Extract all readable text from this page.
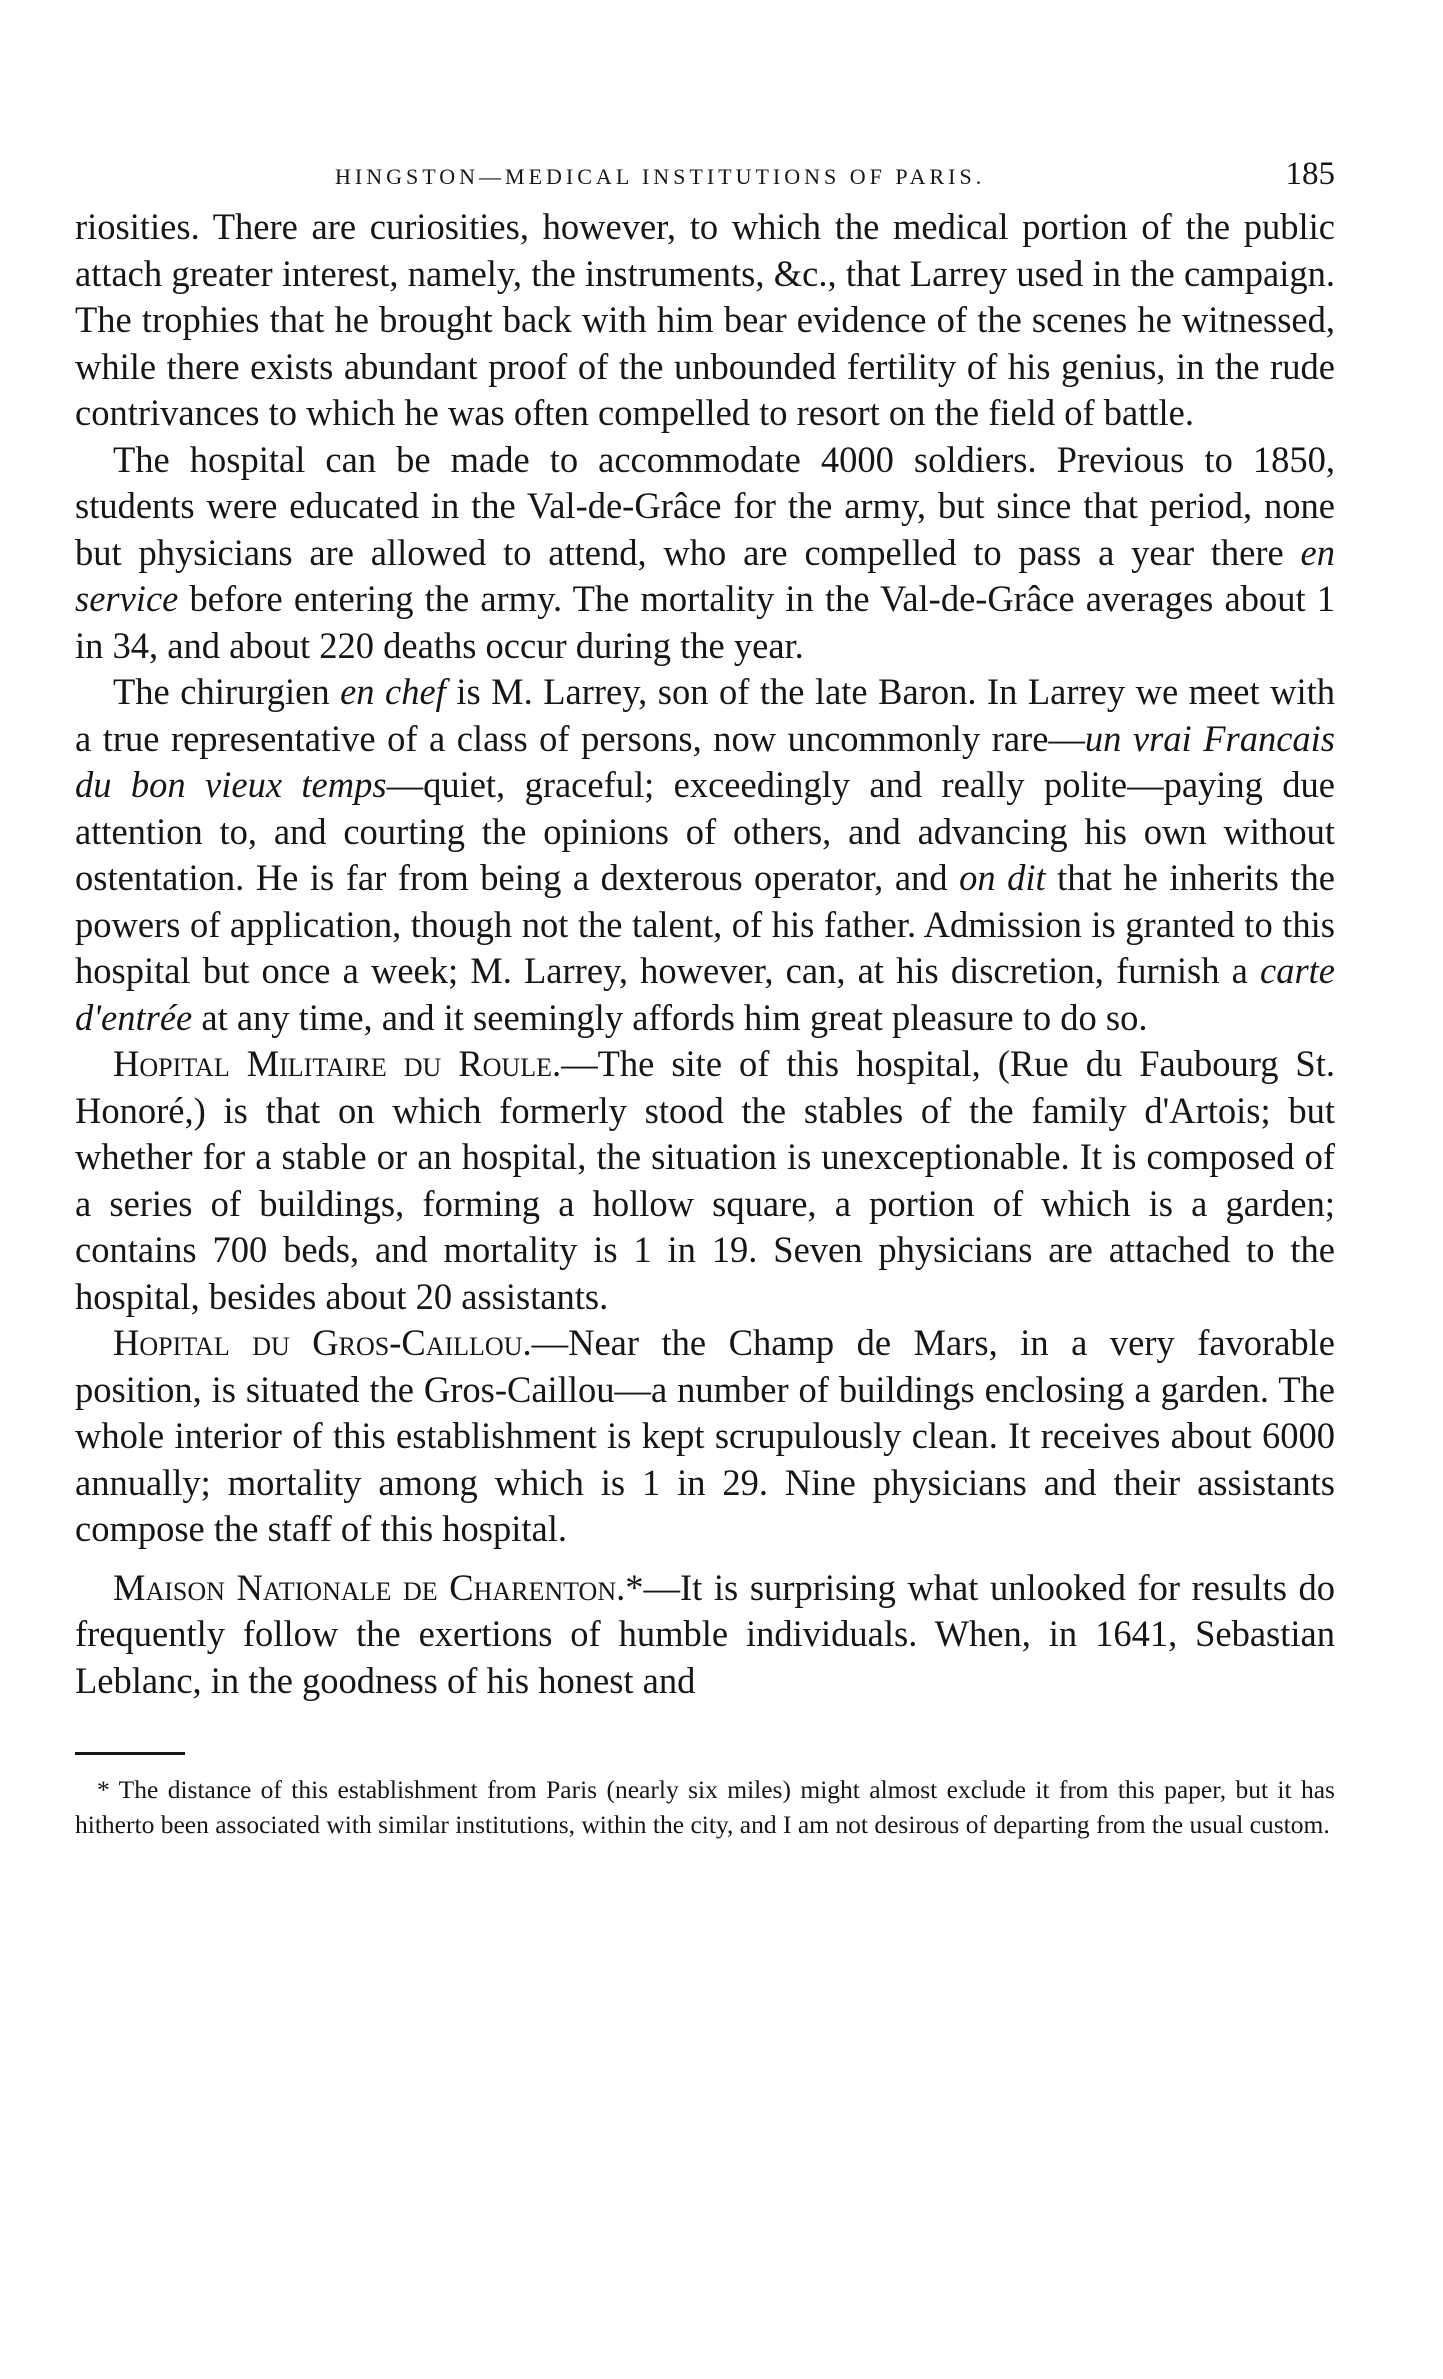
HINGSTON—MEDICAL INSTITUTIONS OF PARIS.	185

riosities. There are curiosities, however, to which the medical portion of the public attach greater interest, namely, the instruments, &c., that Larrey used in the campaign. The trophies that he brought back with him bear evidence of the scenes he witnessed, while there exists abundant proof of the unbounded fertility of his genius, in the rude contrivances to which he was often compelled to resort on the field of battle.

The hospital can be made to accommodate 4000 soldiers. Previous to 1850, students were educated in the Val-de-Grâce for the army, but since that period, none but physicians are allowed to attend, who are compelled to pass a year there en service before entering the army. The mortality in the Val-de-Grâce averages about 1 in 34, and about 220 deaths occur during the year.

The chirurgien en chef is M. Larrey, son of the late Baron. In Larrey we meet with a true representative of a class of persons, now uncommonly rare—un vrai Francais du bon vieux temps—quiet, graceful; exceedingly and really polite—paying due attention to, and courting the opinions of others, and advancing his own without ostentation. He is far from being a dexterous operator, and on dit that he inherits the powers of application, though not the talent, of his father. Admission is granted to this hospital but once a week; M. Larrey, however, can, at his discretion, furnish a carte d'entrée at any time, and it seemingly affords him great pleasure to do so.

Hopital Militaire du Roule.—The site of this hospital, (Rue du Faubourg St. Honoré,) is that on which formerly stood the stables of the family d'Artois; but whether for a stable or an hospital, the situation is unexceptionable. It is composed of a series of buildings, forming a hollow square, a portion of which is a garden; contains 700 beds, and mortality is 1 in 19. Seven physicians are attached to the hospital, besides about 20 assistants.

Hopital du Gros-Caillou.—Near the Champ de Mars, in a very favorable position, is situated the Gros-Caillou—a number of buildings enclosing a garden. The whole interior of this establishment is kept scrupulously clean. It receives about 6000 annually; mortality among which is 1 in 29. Nine physicians and their assistants compose the staff of this hospital.

Maison Nationale de Charenton.*—It is surprising what unlooked for results do frequently follow the exertions of humble individuals. When, in 1641, Sebastian Leblanc, in the goodness of his honest and

* The distance of this establishment from Paris (nearly six miles) might almost exclude it from this paper, but it has hitherto been associated with similar institutions, within the city, and I am not desirous of departing from the usual custom.
